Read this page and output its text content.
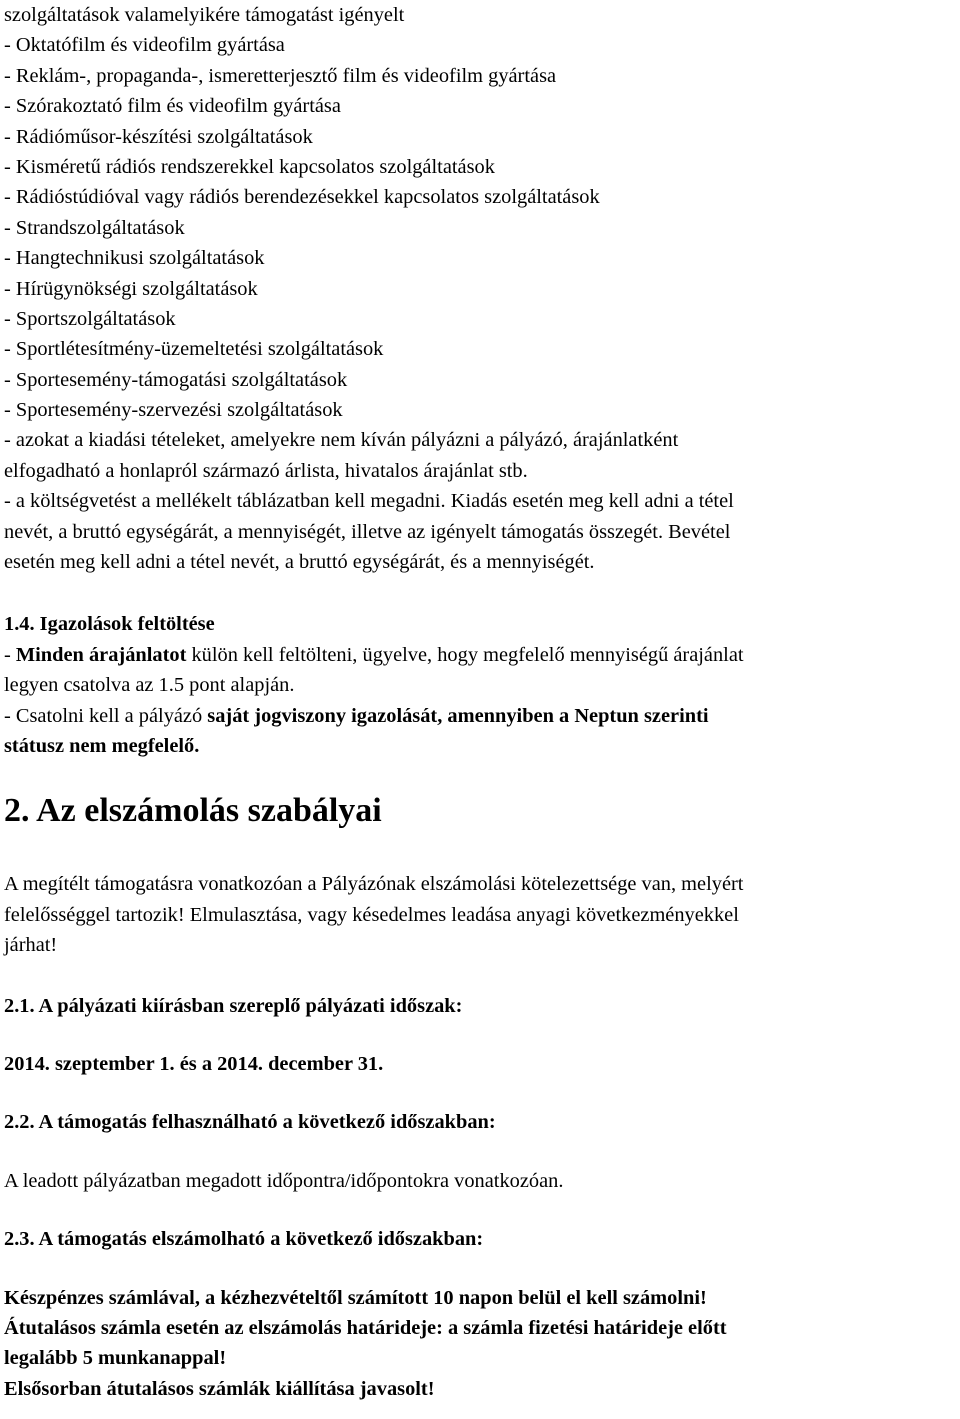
szolgáltatások valamelyikére támogatást igényelt
- Oktatófilm és videofilm gyártása
- Reklám-, propaganda-, ismeretterjesztő film és videofilm gyártása
- Szórakoztató film és videofilm gyártása
- Rádióműsor-készítési szolgáltatások
- Kisméretű rádiós rendszerekkel kapcsolatos szolgáltatások
- Rádióstúdióval vagy rádiós berendezésekkel kapcsolatos szolgáltatások
- Strandszolgáltatások
- Hangtechnikusi szolgáltatások
- Hírügynökségi szolgáltatások
- Sportszolgáltatások
- Sportlétesítmény-üzemeltetési szolgáltatások
- Sportesemény-támogatási szolgáltatások
- Sportesemény-szervezési szolgáltatások
- azokat a kiadási tételeket, amelyekre nem kíván pályázni a pályázó, árajánlatként
elfogadható a honlapról származó árlista, hivatalos árajánlat stb.
- a költségvetést a mellékelt táblázatban kell megadni. Kiadás esetén meg kell adni a tétel
nevét, a bruttó egységárát, a mennyiségét, illetve az igényelt támogatás összegét. Bevétel
esetén meg kell adni a tétel nevét, a bruttó egységárát, és a mennyiségét.
1.4. Igazolások feltöltése
- Minden árajánlatot külön kell feltölteni, ügyelve, hogy megfelelő mennyiségű árajánlat
legyen csatolva az 1.5 pont alapján.
- Csatolni kell a pályázó saját jogviszony igazolását, amennyiben a Neptun szerinti
státusz nem megfelelő.
2. Az elszámolás szabályai
A megítélt támogatásra vonatkozóan a Pályázónak elszámolási kötelezettsége van, melyért
felelősséggel tartozik! Elmulasztása, vagy késedelmes leadása anyagi következményekkel
járhat!
2.1. A pályázati kiírásban szereplő pályázati időszak:
2014. szeptember 1. és a 2014. december 31.
2.2. A támogatás felhasználható a következő időszakban:
A leadott pályázatban megadott időpontra/időpontokra vonatkozóan.
2.3. A támogatás elszámolható a következő időszakban:
Készpénzes számlával, a kézhezvételtől számított 10 napon belül el kell számolni!
Átutalásos számla esetén az elszámolás határideje: a számla fizetési határideje előtt
legalább 5 munkanappal!
Elsősorban átutalásos számlák kiállítása javasolt!
